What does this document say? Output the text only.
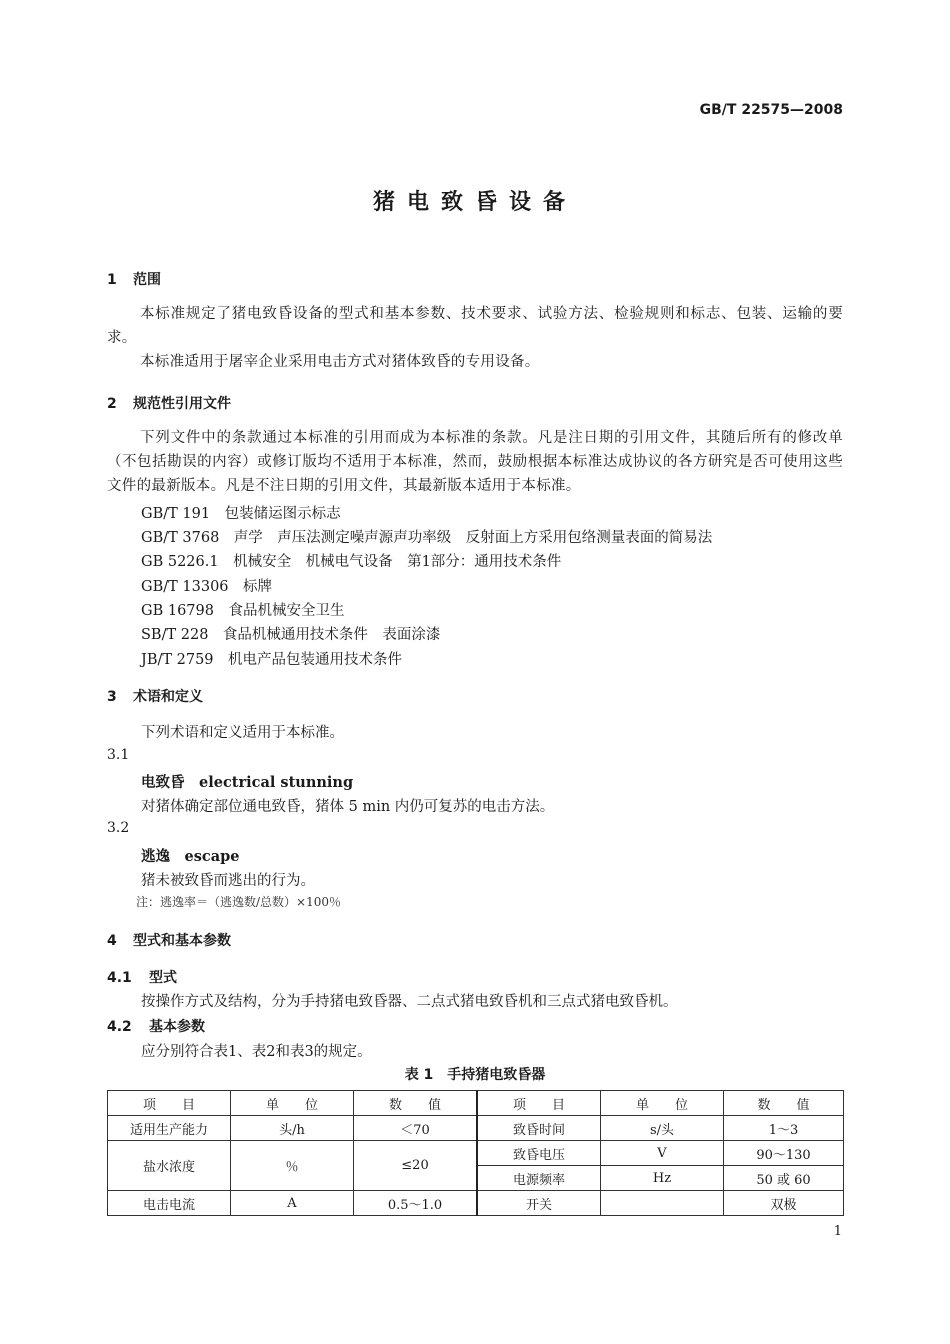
GB/T 22575—2008
猪电致昏设备
1 范围
本标准规定了猪电致昏设备的型式和基本参数、技术要求、试验方法、检验规则和标志、包装、运输的要求。
本标准适用于屠宰企业采用电击方式对猪体致昏的专用设备。
2 规范性引用文件
下列文件中的条款通过本标准的引用而成为本标准的条款。凡是注日期的引用文件，其随后所有的修改单（不包括勘误的内容）或修订版均不适用于本标准，然而，鼓励根据本标准达成协议的各方研究是否可使用这些文件的最新版本。凡是不注日期的引用文件，其最新版本适用于本标准。
GB/T 191　包装储运图示标志
GB/T 3768　声学　声压法测定噪声源声功率级　反射面上方采用包络测量表面的简易法
GB 5226.1　机械安全　机械电气设备　第1部分：通用技术条件
GB/T 13306　标牌
GB 16798　食品机械安全卫生
SB/T 228　食品机械通用技术条件　表面涂漆
JB/T 2759　机电产品包装通用技术条件
3 术语和定义
下列术语和定义适用于本标准。
3.1
电致昏　 electrical stunning
对猪体确定部位通电致昏，猪体 5 min 内仍可复苏的电击方法。
3.2
逃逸　 escape
猪未被致昏而逃出的行为。
注：逃逸率＝（逃逸数/总数）×100％
4 型式和基本参数
4.1 型式
按操作方式及结构，分为手持猪电致昏器、二点式猪电致昏机和三点式猪电致昏机。
4.2 基本参数
应分别符合表1、表2和表3的规定。
表 1　手持猪电致昏器
项　　目	单　　位	数　　值	项　　目	单　　位	数　　值
适用生产能力	头/h	＜70	致昏时间	s/头	1～3
盐水浓度	％	≤20	致昏电压	V	90～130
			电源频率	Hz	50 或 60
电击电流	A	0.5～1.0	开关		双极
1
